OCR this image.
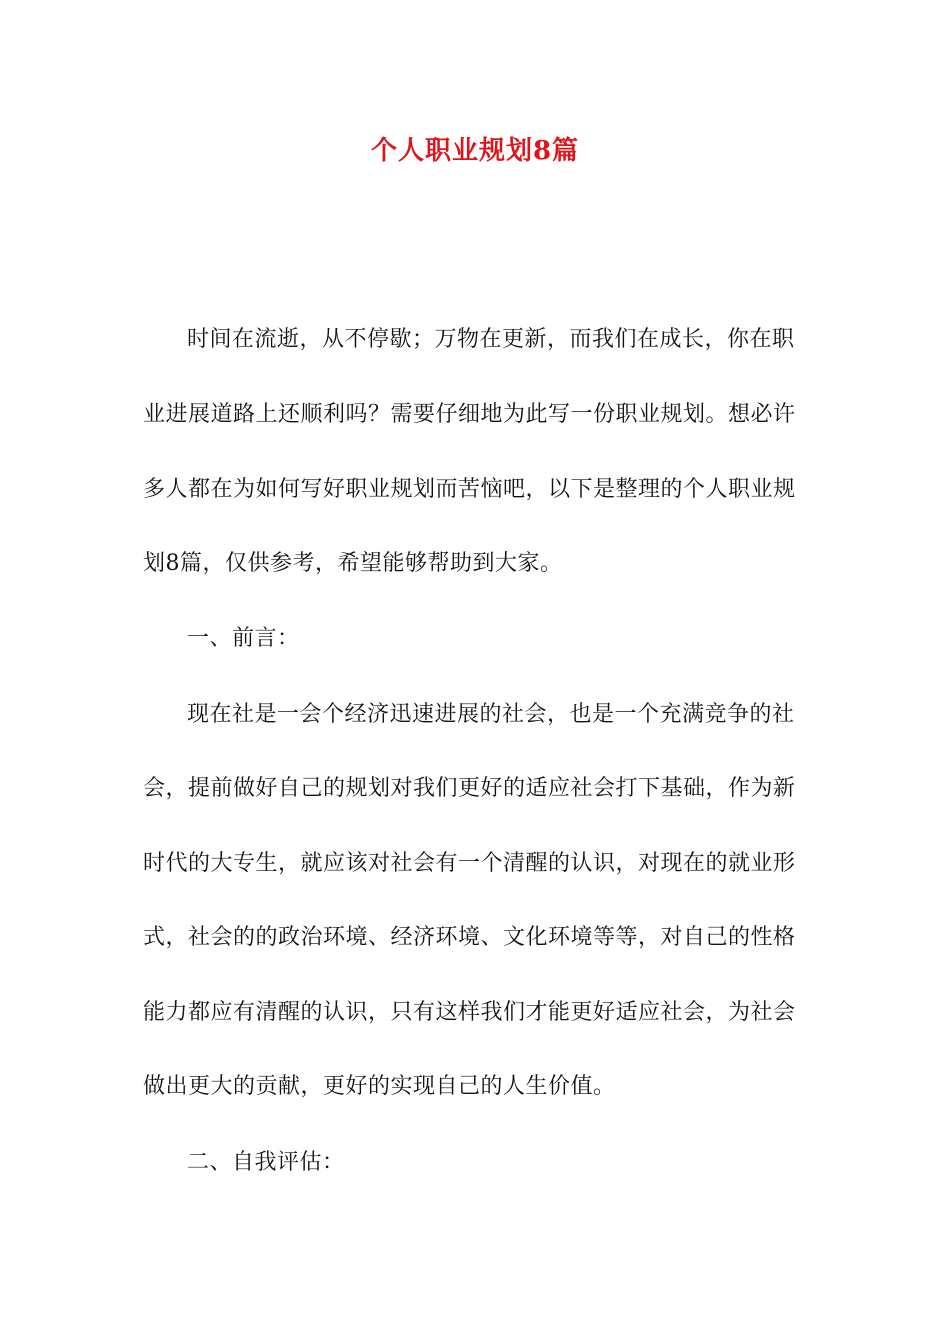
个人职业规划8篇
时间在流逝，从不停歇；万物在更新，而我们在成长，你在职
业进展道路上还顺利吗？需要仔细地为此写一份职业规划。想必许
多人都在为如何写好职业规划而苦恼吧，以下是整理的个人职业规
划8篇，仅供参考，希望能够帮助到大家。
一、前言：
现在社是一会个经济迅速进展的社会，也是一个充满竞争的社
会，提前做好自己的规划对我们更好的适应社会打下基础，作为新
时代的大专生，就应该对社会有一个清醒的认识，对现在的就业形
式，社会的的政治环境、经济环境、文化环境等等，对自己的性格
能力都应有清醒的认识，只有这样我们才能更好适应社会，为社会
做出更大的贡献，更好的实现自己的人生价值。
二、自我评估：
